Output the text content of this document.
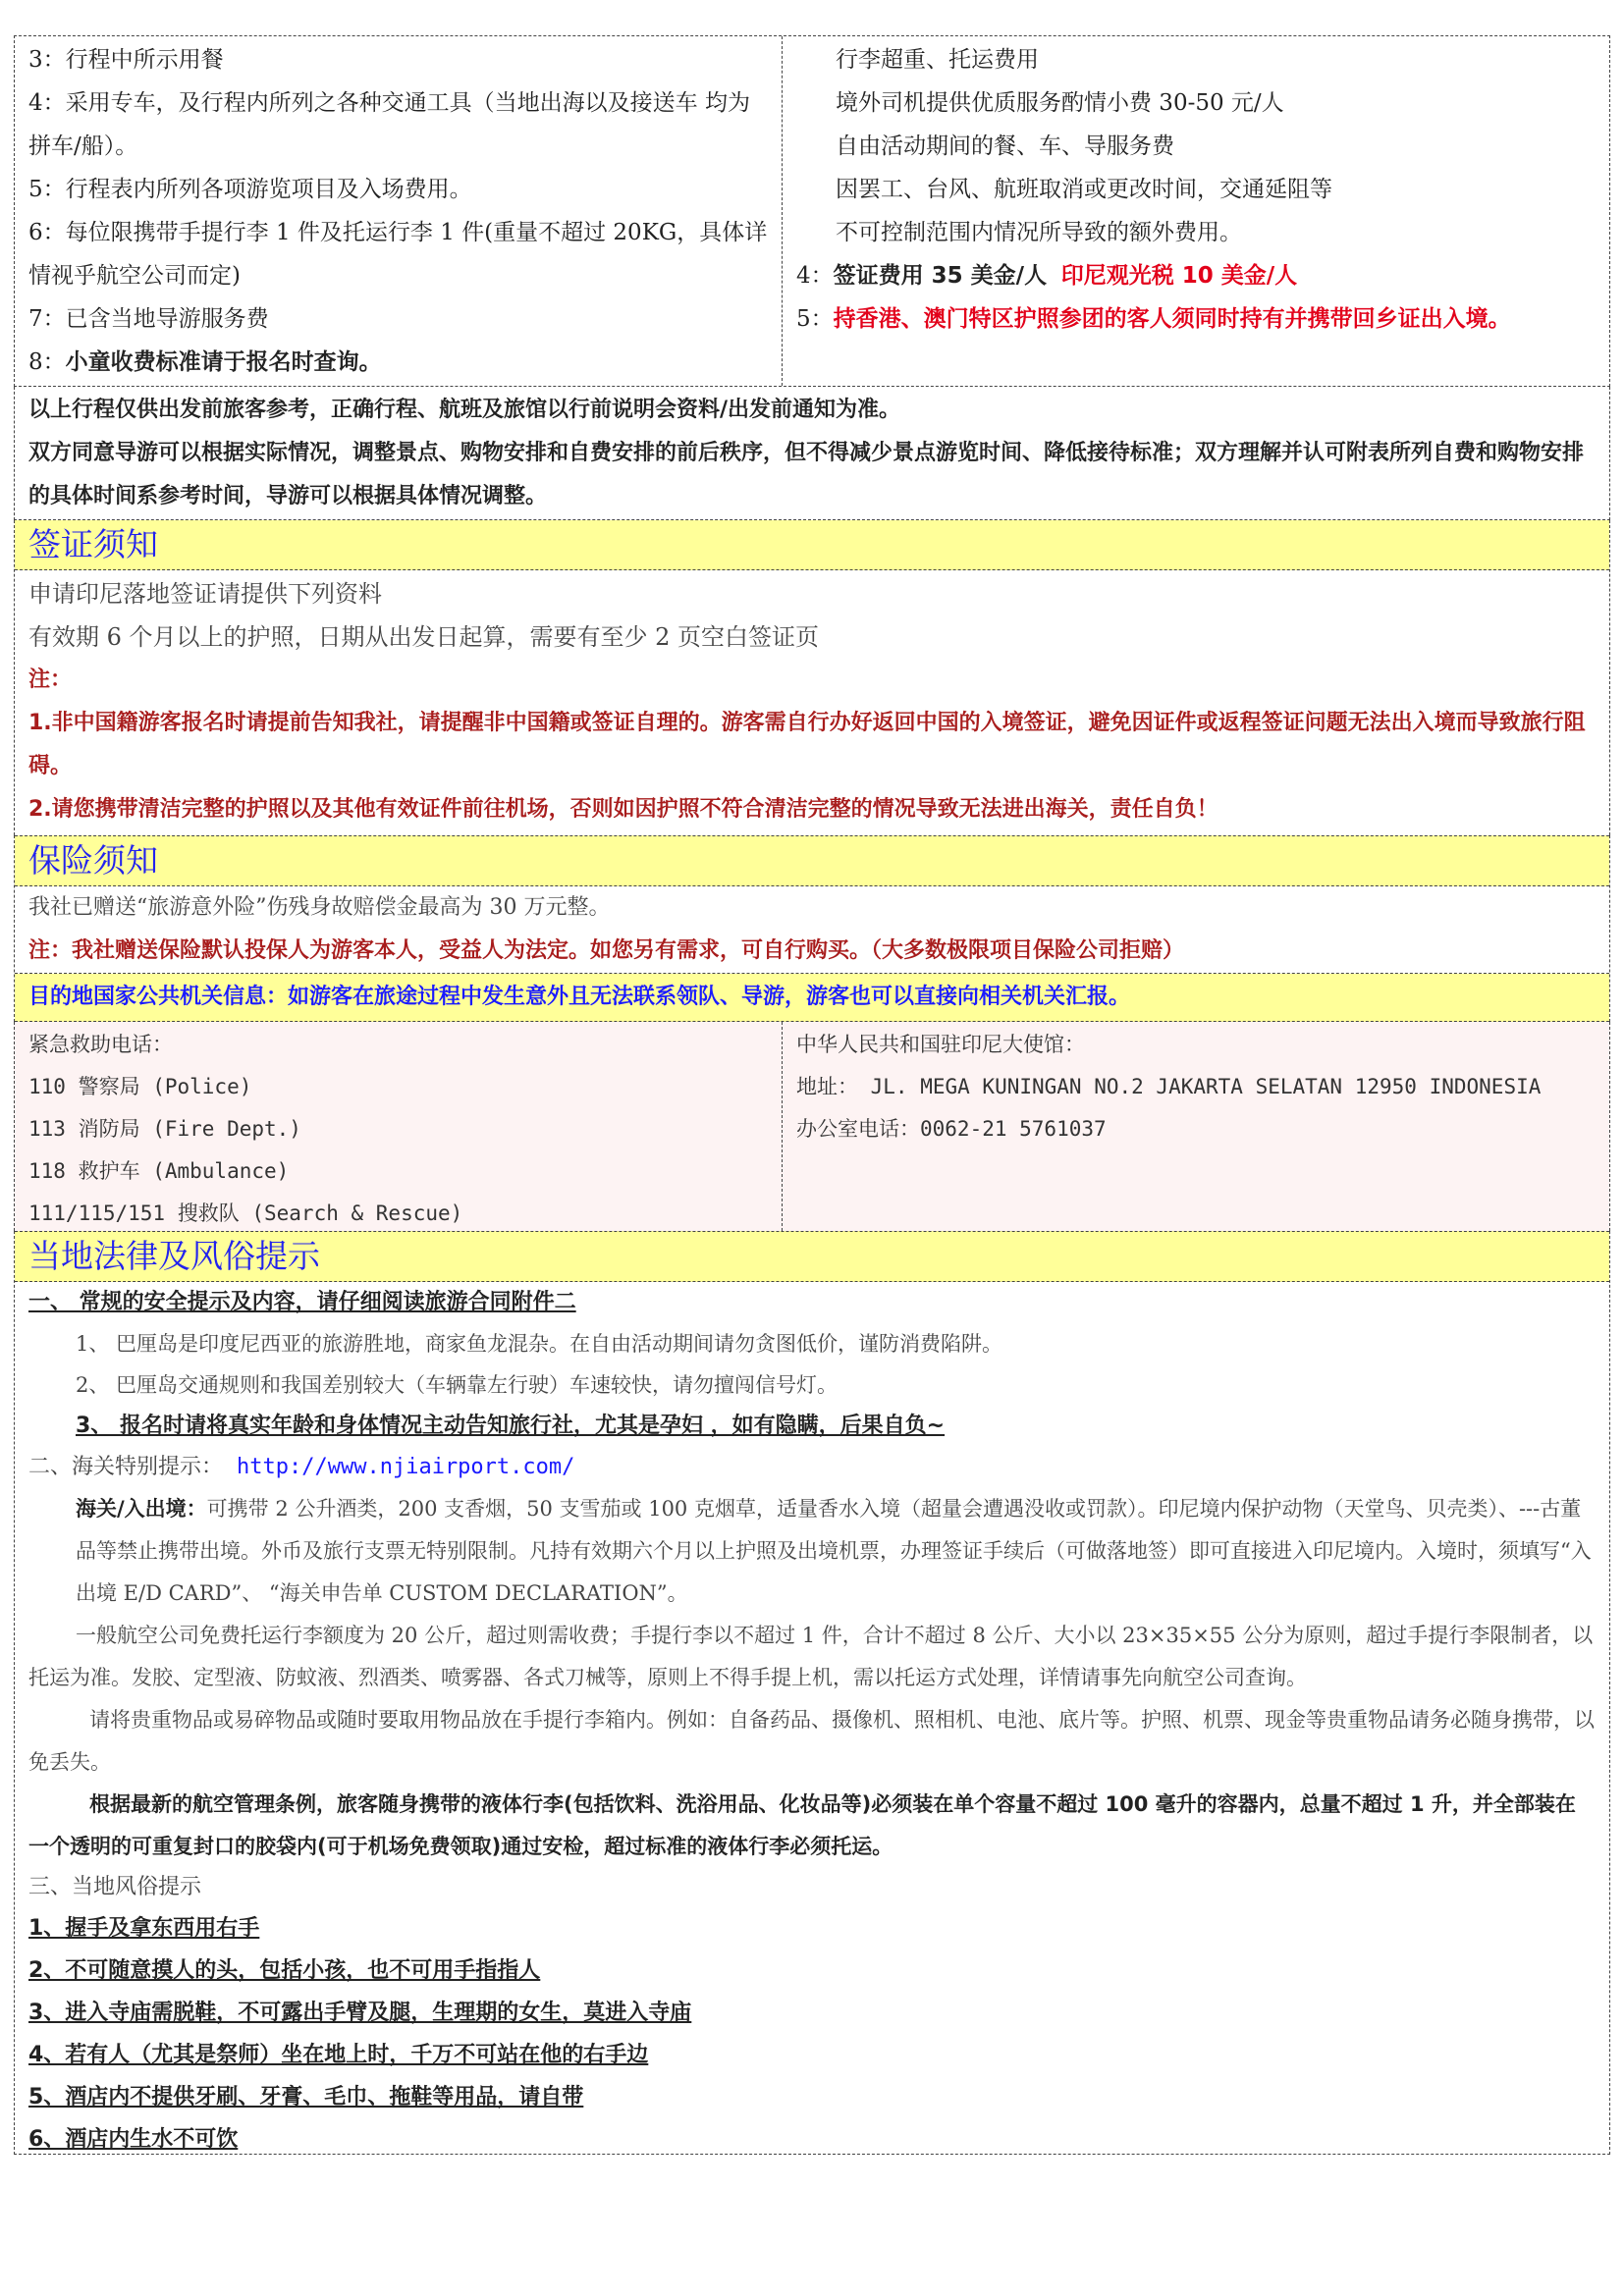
3：行程中所示用餐
4：采用专车，及行程内所列之各种交通工具（当地出海以及接送车 均为拼车/船）。
5：行程表内所列各项游览项目及入场费用。
6：每位限携带手提行李 1 件及托运行李 1 件(重量不超过 20KG，具体详情视乎航空公司而定)
7：已含当地导游服务费
8：小童收费标准请于报名时查询。
行李超重、托运费用
境外司机提供优质服务酌情小费 30-50 元/人
自由活动期间的餐、车、导服务费
因罢工、台风、航班取消或更改时间，交通延阻等
不可控制范围内情况所导致的额外费用。
4：签证费用 35 美金/人 印尼观光税 10 美金/人
5：持香港、澳门特区护照参团的客人须同时持有并携带回乡证出入境。
以上行程仅供出发前旅客参考，正确行程、航班及旅馆以行前说明会资料/出发前通知为准。
双方同意导游可以根据实际情况，调整景点、购物安排和自费安排的前后秩序，但不得减少景点游览时间、降低接待标准；双方理解并认可附表所列自费和购物安排的具体时间系参考时间，导游可以根据具体情况调整。
签证须知
申请印尼落地签证请提供下列资料
有效期 6 个月以上的护照，日期从出发日起算，需要有至少 2 页空白签证页
注：
1.非中国籍游客报名时请提前告知我社，请提醒非中国籍或签证自理的。游客需自行办好返回中国的入境签证，避免因证件或返程签证问题无法出入境而导致旅行阻碍。
2.请您携带清洁完整的护照以及其他有效证件前往机场，否则如因护照不符合清洁完整的情况导致无法进出海关，责任自负！
保险须知
我社已赠送“旅游意外险”伤残身故赔偿金最高为 30 万元整。
注：我社赠送保险默认投保人为游客本人，受益人为法定。如您另有需求，可自行购买。（大多数极限项目保险公司拒赔）
目的地国家公共机关信息：如游客在旅途过程中发生意外且无法联系领队、导游，游客也可以直接向相关机关汇报。
紧急救助电话：
110 警察局 (Police)
113 消防局 (Fire Dept.)
118 救护车 (Ambulance)
111/115/151 搜救队 (Search & Rescue)
中华人民共和国驻印尼大使馆：
地址： JL. MEGA KUNINGAN NO.2 JAKARTA SELATAN 12950 INDONESIA
办公室电话：0062-21 5761037
当地法律及风俗提示
一、 常规的安全提示及内容，请仔细阅读旅游合同附件二
1、 巴厘岛是印度尼西亚的旅游胜地，商家鱼龙混杂。在自由活动期间请勿贪图低价，谨防消费陷阱。
2、 巴厘岛交通规则和我国差别较大（车辆靠左行驶）车速较快，请勿擅闯信号灯。
3、 报名时请将真实年龄和身体情况主动告知旅行社，尤其是孕妇 ，如有隐瞒，后果自负~
二、海关特别提示： http://www.njiairport.com/
海关/入出境：可携带 2 公升酒类，200 支香烟，50 支雪茄或 100 克烟草，适量香水入境（超量会遭遇没收或罚款）。印尼境内保护动物（天堂鸟、贝壳类）、---古董品等禁止携带出境。外币及旅行支票无特别限制。凡持有效期六个月以上护照及出境机票，办理签证手续后（可做落地签）即可直接进入印尼境内。入境时，须填写“入出境 E/D CARD”、 “海关申告单 CUSTOM DECLARATION”。
一般航空公司免费托运行李额度为 20 公斤，超过则需收费；手提行李以不超过 1 件，合计不超过 8 公斤、大小以 23×35×55 公分为原则，超过手提行李限制者，以托运为准。发胶、定型液、防蚊液、烈酒类、喷雾器、各式刀械等，原则上不得手提上机，需以托运方式处理，详情请事先向航空公司查询。
请将贵重物品或易碎物品或随时要取用物品放在手提行李箱内。例如：自备药品、摄像机、照相机、电池、底片等。护照、机票、现金等贵重物品请务必随身携带，以免丢失。
根据最新的航空管理条例，旅客随身携带的液体行李(包括饮料、洗浴用品、化妆品等)必须装在单个容量不超过 100 毫升的容器内，总量不超过 1 升，并全部装在一个透明的可重复封口的胶袋内(可于机场免费领取)通过安检，超过标准的液体行李必须托运。
三、当地风俗提示
1、握手及拿东西用右手
2、不可随意摸人的头，包括小孩，也不可用手指指人
3、进入寺庙需脱鞋，不可露出手臂及腿，生理期的女生，莫进入寺庙
4、若有人（尤其是祭师）坐在地上时，千万不可站在他的右手边
5、酒店内不提供牙刷、牙膏、毛巾、拖鞋等用品，请自带
6、酒店内生水不可饮
